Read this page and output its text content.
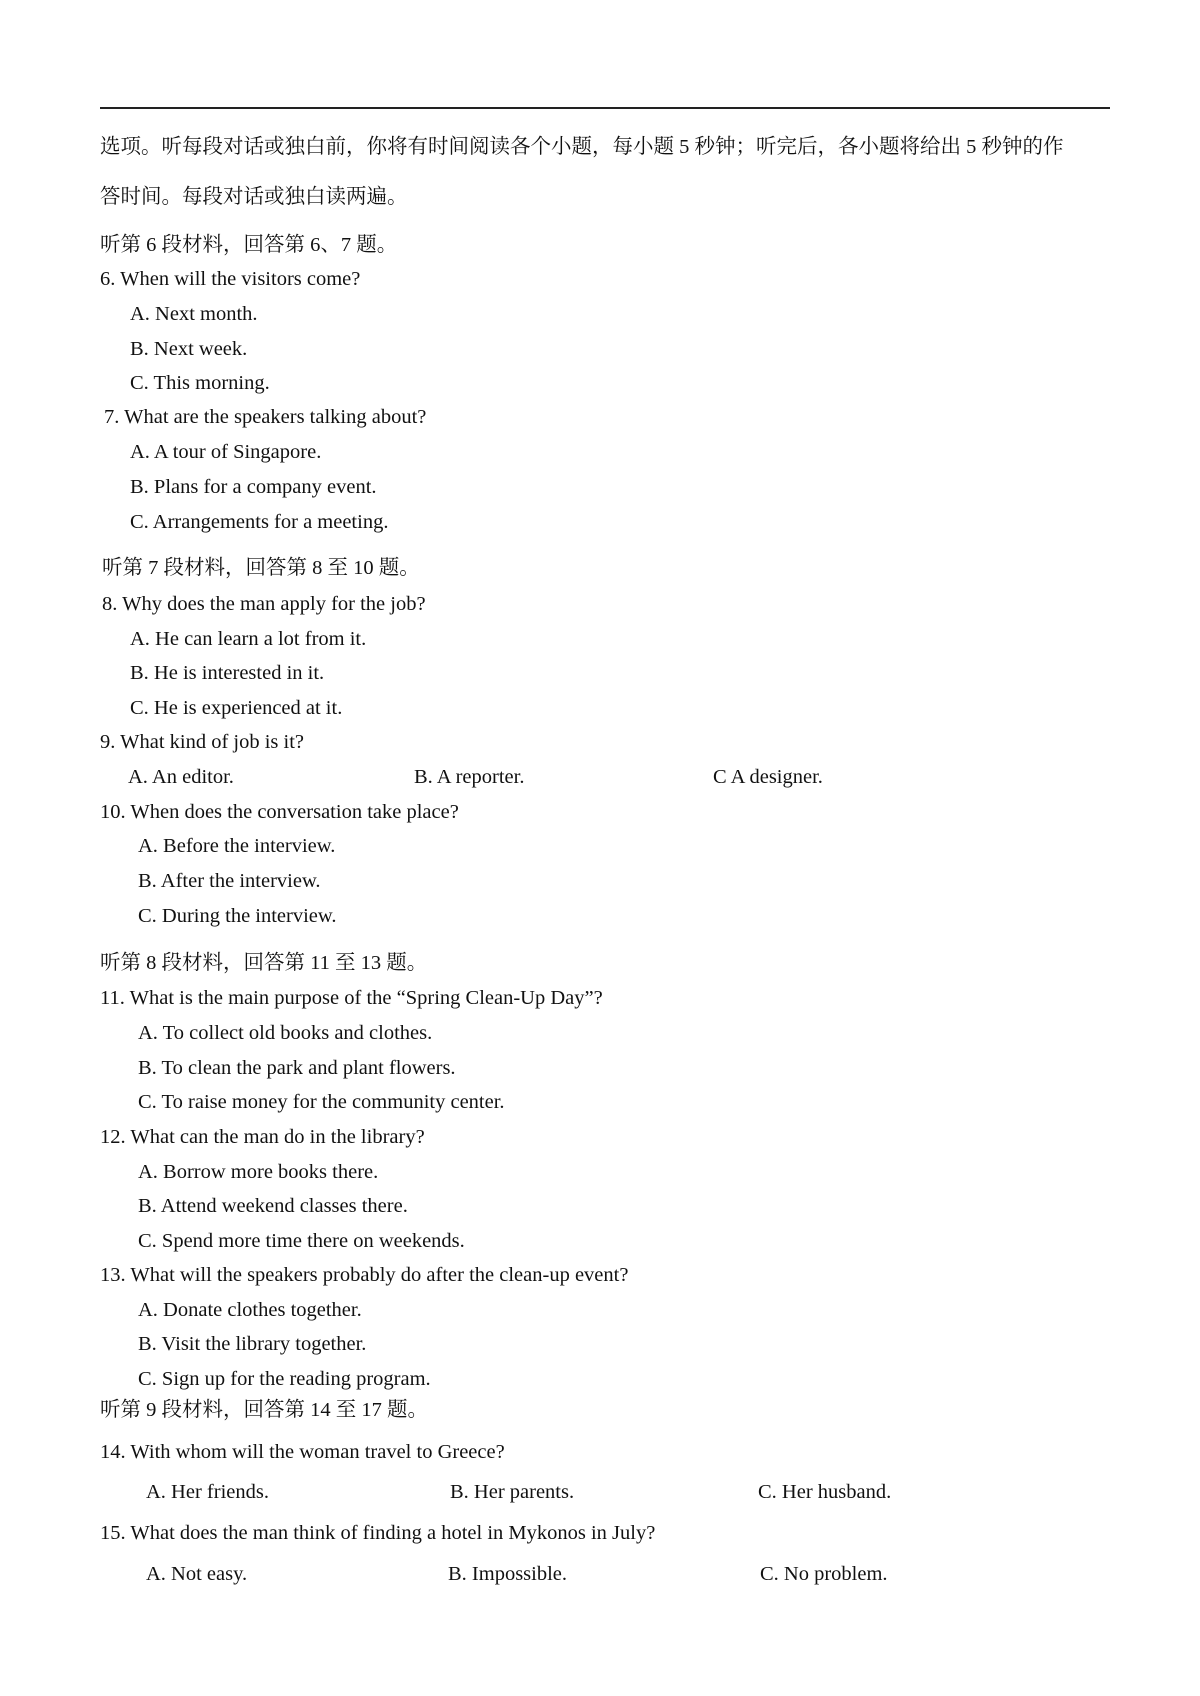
选项。听每段对话或独白前，你将有时间阅读各个小题，每小题 5 秒钟；听完后，各小题将给出 5 秒钟的作
答时间。每段对话或独白读两遍。
听第 6 段材料，回答第 6、7 题。
6. When will the visitors come?
A. Next month.
B. Next week.
C. This morning.
7. What are the speakers talking about?
A. A tour of Singapore.
B. Plans for a company event.
C. Arrangements for a meeting.
听第 7 段材料，回答第 8 至 10 题。
8. Why does the man apply for the job?
A. He can learn a lot from it.
B. He is interested in it.
C. He is experienced at it.
9. What kind of job is it?
A. An editor.	B. A reporter.	C A designer.
10. When does the conversation take place?
A. Before the interview.
B. After the interview.
C. During the interview.
听第 8 段材料，回答第 11 至 13 题。
11. What is the main purpose of the “Spring Clean-Up Day”?
A. To collect old books and clothes.
B. To clean the park and plant flowers.
C. To raise money for the community center.
12. What can the man do in the library?
A. Borrow more books there.
B. Attend weekend classes there.
C. Spend more time there on weekends.
13. What will the speakers probably do after the clean-up event?
A. Donate clothes together.
B. Visit the library together.
C. Sign up for the reading program.
听第 9 段材料，回答第 14 至 17 题。
14. With whom will the woman travel to Greece?
A. Her friends.	B. Her parents.	C. Her husband.
15. What does the man think of finding a hotel in Mykonos in July?
A. Not easy.	B. Impossible.	C. No problem.
